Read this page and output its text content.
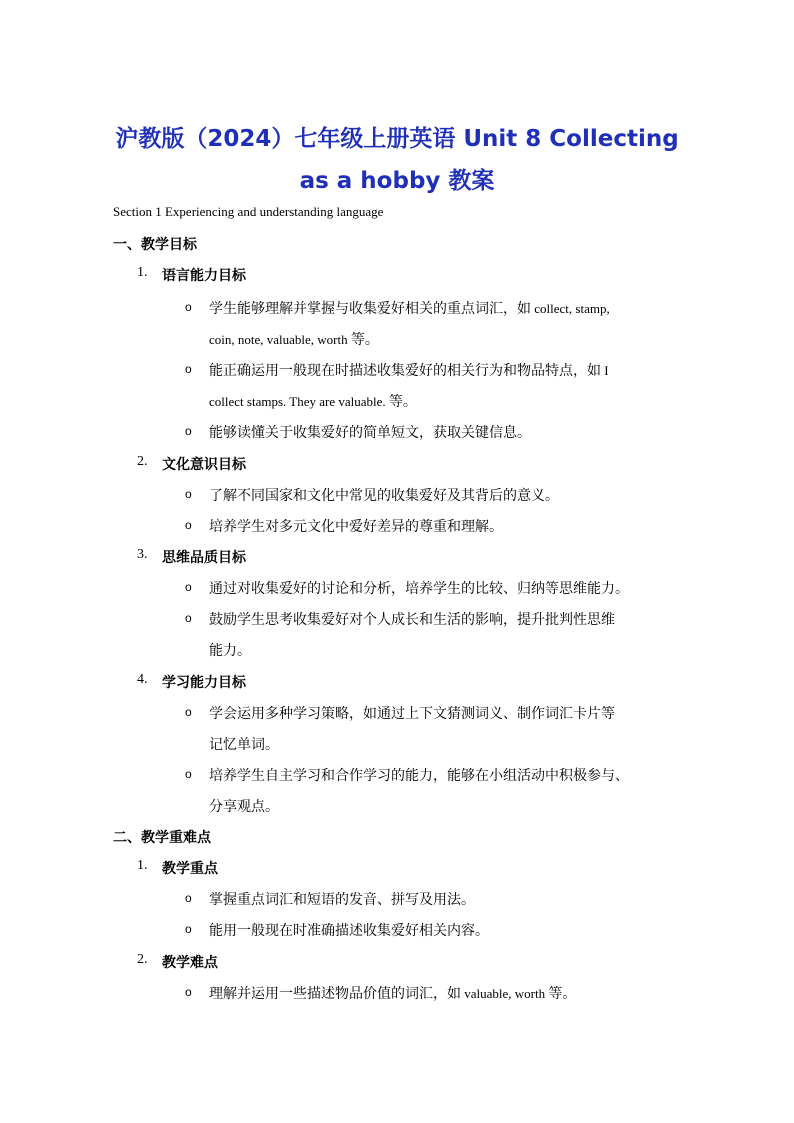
沪教版（2024）七年级上册英语 Unit 8 Collecting
as a hobby 教案
Section 1 Experiencing and understanding language
一、教学目标
1. 语言能力目标
o 学生能够理解并掌握与收集爱好相关的重点词汇，如 collect, stamp,
coin, note, valuable, worth 等。
o 能正确运用一般现在时描述收集爱好的相关行为和物品特点，如 I
collect stamps. They are valuable. 等。
o 能够读懂关于收集爱好的简单短文，获取关键信息。
2. 文化意识目标
o 了解不同国家和文化中常见的收集爱好及其背后的意义。
o 培养学生对多元文化中爱好差异的尊重和理解。
3. 思维品质目标
o 通过对收集爱好的讨论和分析，培养学生的比较、归纳等思维能力。
o 鼓励学生思考收集爱好对个人成长和生活的影响，提升批判性思维
能力。
4. 学习能力目标
o 学会运用多种学习策略，如通过上下文猜测词义、制作词汇卡片等
记忆单词。
o 培养学生自主学习和合作学习的能力，能够在小组活动中积极参与、
分享观点。
二、教学重难点
1. 教学重点
o 掌握重点词汇和短语的发音、拼写及用法。
o 能用一般现在时准确描述收集爱好相关内容。
2. 教学难点
o 理解并运用一些描述物品价值的词汇，如 valuable, worth 等。
